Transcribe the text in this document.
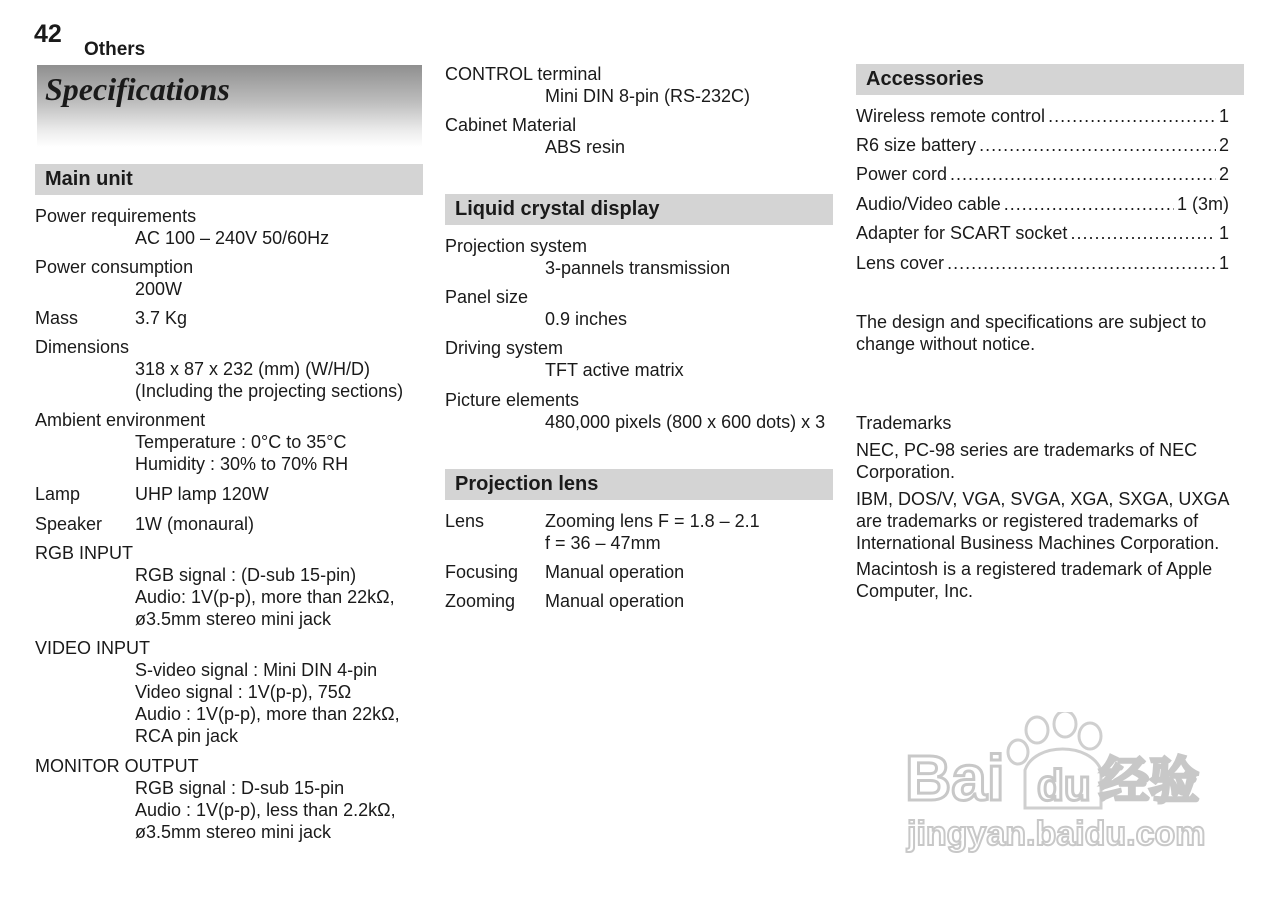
42
Others
Specifications
Main unit
Power requirements
AC 100 – 240V 50/60Hz
Power consumption
200W
Mass	3.7 Kg
Dimensions
318 x 87 x 232 (mm) (W/H/D)
(Including the projecting sections)
Ambient environment
Temperature : 0°C to 35°C
Humidity : 30% to 70% RH
Lamp	UHP lamp 120W
Speaker 1W (monaural)
RGB INPUT
RGB signal : (D-sub 15-pin)
Audio: 1V(p-p), more than 22kΩ,
ø3.5mm stereo mini jack
VIDEO INPUT
S-video signal : Mini DIN 4-pin
Video signal : 1V(p-p), 75Ω
Audio : 1V(p-p), more than 22kΩ,
RCA pin jack
MONITOR OUTPUT
RGB signal : D-sub 15-pin
Audio : 1V(p-p), less than 2.2kΩ,
ø3.5mm stereo mini jack
CONTROL terminal
Mini DIN 8-pin (RS-232C)
Cabinet Material
ABS resin
Liquid crystal display
Projection system
3-pannels transmission
Panel size
0.9 inches
Driving system
TFT active matrix
Picture elements
480,000 pixels (800 x 600 dots) x 3
Projection lens
Lens	Zooming lens F = 1.8 – 2.1
f = 36 – 47mm
Focusing Manual operation
Zooming Manual operation
Accessories
Wireless remote control .....	1
R6 size battery .....	2
Power cord .....	2
Audio/Video cable .....	1 (3m)
Adapter for SCART socket .....	1
Lens cover .....	1
The design and specifications are subject to change without notice.
Trademarks
NEC, PC-98 series are trademarks of NEC Corporation.
IBM, DOS/V, VGA, SVGA, XGA, SXGA, UXGA are trademarks or registered trademarks of International Business Machines Corporation.
Macintosh is a registered trademark of Apple Computer, Inc.
Bai du 经验
jingyan.baidu.com
